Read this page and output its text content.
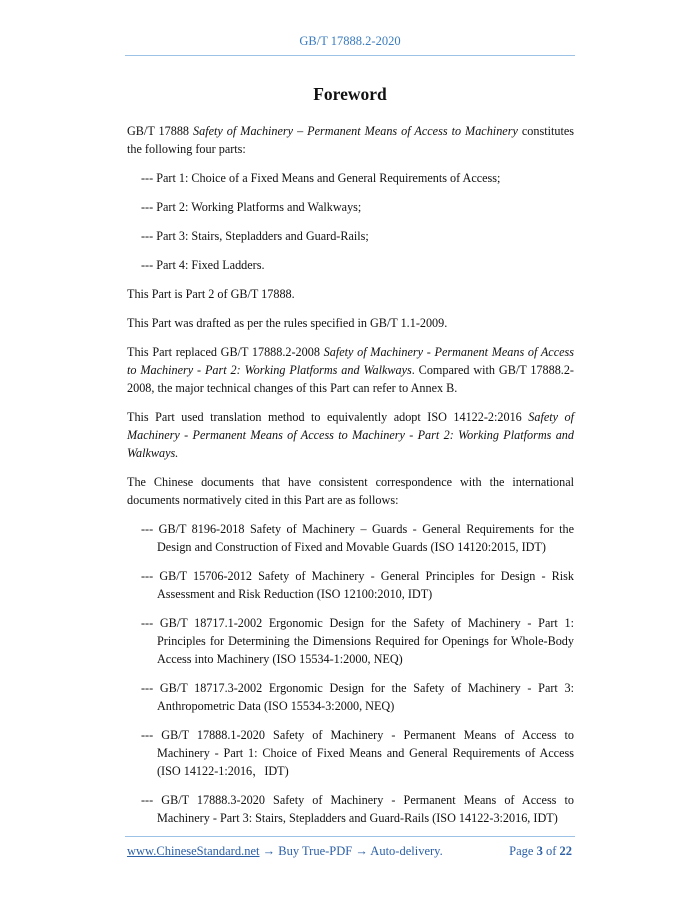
GB/T 17888.2-2020
Foreword

GB/T 17888 Safety of Machinery – Permanent Means of Access to Machinery constitutes the following four parts:

--- Part 1: Choice of a Fixed Means and General Requirements of Access;

--- Part 2: Working Platforms and Walkways;

--- Part 3: Stairs, Stepladders and Guard-Rails;

--- Part 4: Fixed Ladders.

This Part is Part 2 of GB/T 17888.

This Part was drafted as per the rules specified in GB/T 1.1-2009.

This Part replaced GB/T 17888.2-2008 Safety of Machinery - Permanent Means of Access to Machinery - Part 2: Working Platforms and Walkways. Compared with GB/T 17888.2-2008, the major technical changes of this Part can refer to Annex B.

This Part used translation method to equivalently adopt ISO 14122-2:2016 Safety of Machinery - Permanent Means of Access to Machinery - Part 2: Working Platforms and Walkways.

The Chinese documents that have consistent correspondence with the international documents normatively cited in this Part are as follows:

--- GB/T 8196-2018 Safety of Machinery – Guards - General Requirements for the Design and Construction of Fixed and Movable Guards (ISO 14120:2015, IDT)

--- GB/T 15706-2012 Safety of Machinery - General Principles for Design - Risk Assessment and Risk Reduction (ISO 12100:2010, IDT)

--- GB/T 18717.1-2002 Ergonomic Design for the Safety of Machinery - Part 1: Principles for Determining the Dimensions Required for Openings for Whole-Body Access into Machinery (ISO 15534-1:2000, NEQ)

--- GB/T 18717.3-2002 Ergonomic Design for the Safety of Machinery - Part 3: Anthropometric Data (ISO 15534-3:2000, NEQ)

--- GB/T 17888.1-2020 Safety of Machinery - Permanent Means of Access to Machinery - Part 1: Choice of Fixed Means and General Requirements of Access (ISO 14122-1:2016，IDT)

--- GB/T 17888.3-2020 Safety of Machinery - Permanent Means of Access to Machinery - Part 3: Stairs, Stepladders and Guard-Rails (ISO 14122-3:2016, IDT)

www.ChineseStandard.net → Buy True-PDF → Auto-delivery.	Page 3 of 22
